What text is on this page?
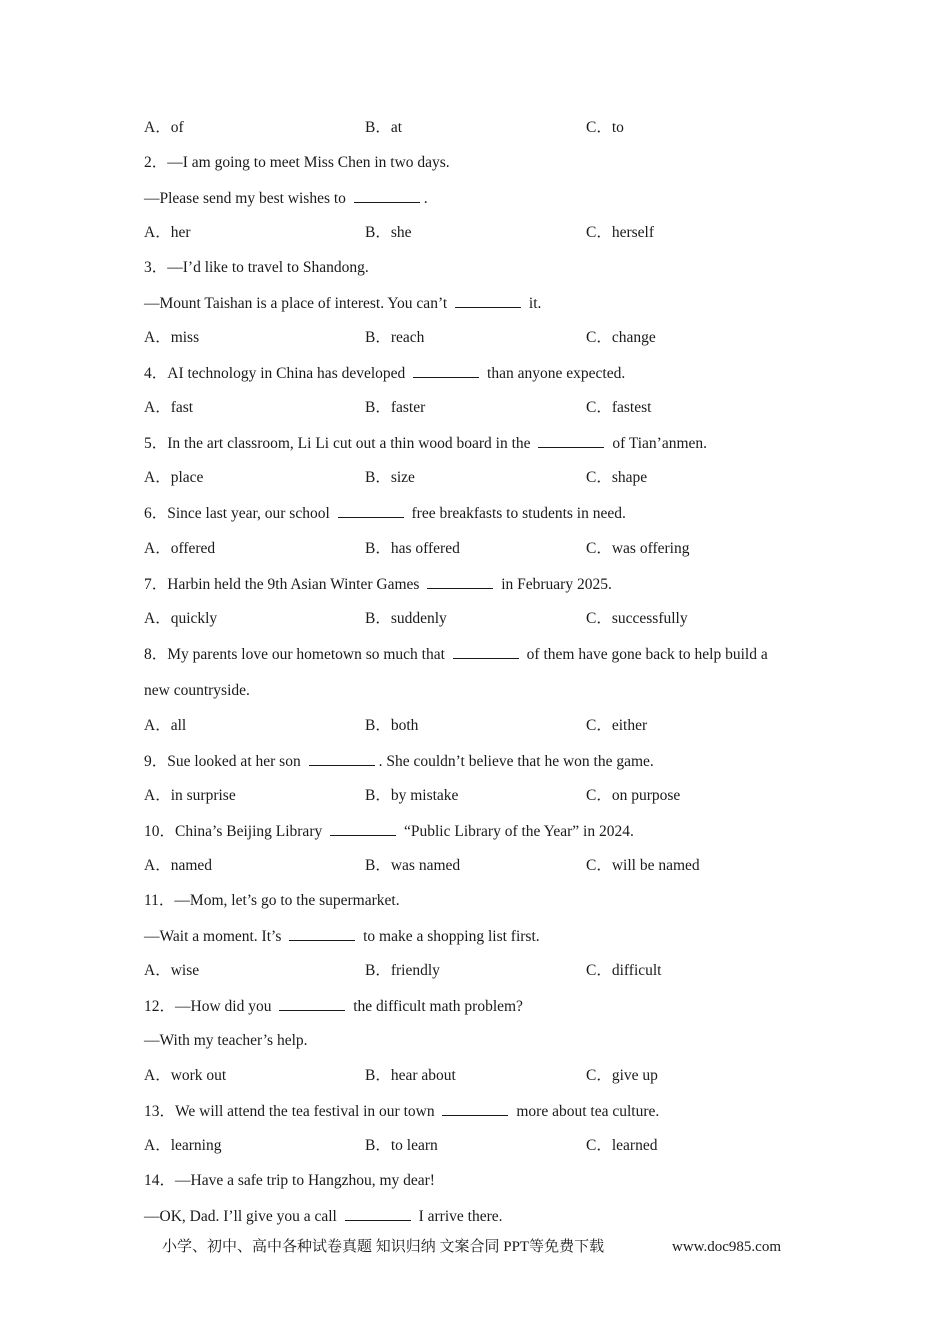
A．of	B．at	C．to
2．—I am going to meet Miss Chen in two days.
—Please send my best wishes to	.
A．her	B．she	C．herself
3．—I’d like to travel to Shandong.
—Mount Taishan is a place of interest. You can’t	it.
A．miss	B．reach	C．change
4．AI technology in China has developed	than anyone expected.
A．fast	B．faster	C．fastest
5．In the art classroom, Li Li cut out a thin wood board in the	of Tian’anmen.
A．place	B．size	C．shape
6．Since last year, our school	free breakfasts to students in need.
A．offered	B．has offered	C．was offering
7．Harbin held the 9th Asian Winter Games	in February 2025.
A．quickly	B．suddenly	C．successfully
8．My parents love our hometown so much that	of them have gone back to help build a
new countryside.
A．all	B．both	C．either
9．Sue looked at her son	. She couldn’t believe that he won the game.
A．in surprise	B．by mistake	C．on purpose
10．China’s Beijing Library	“Public Library of the Year” in 2024.
A．named	B．was named	C．will be named
11．—Mom, let’s go to the supermarket.
—Wait a moment. It’s	to make a shopping list first.
A．wise	B．friendly	C．difficult
12．—How did you	the difficult math problem?
—With my teacher’s help.
A．work out	B．hear about	C．give up
13．We will attend the tea festival in our town	more about tea culture.
A．learning	B．to learn	C．learned
14．—Have a safe trip to Hangzhou, my dear!
—OK, Dad. I’ll give you a call	I arrive there.
小学、初中、高中各种试卷真题 知识归纳 文案合同 PPT等免费下载	www.doc985.com
